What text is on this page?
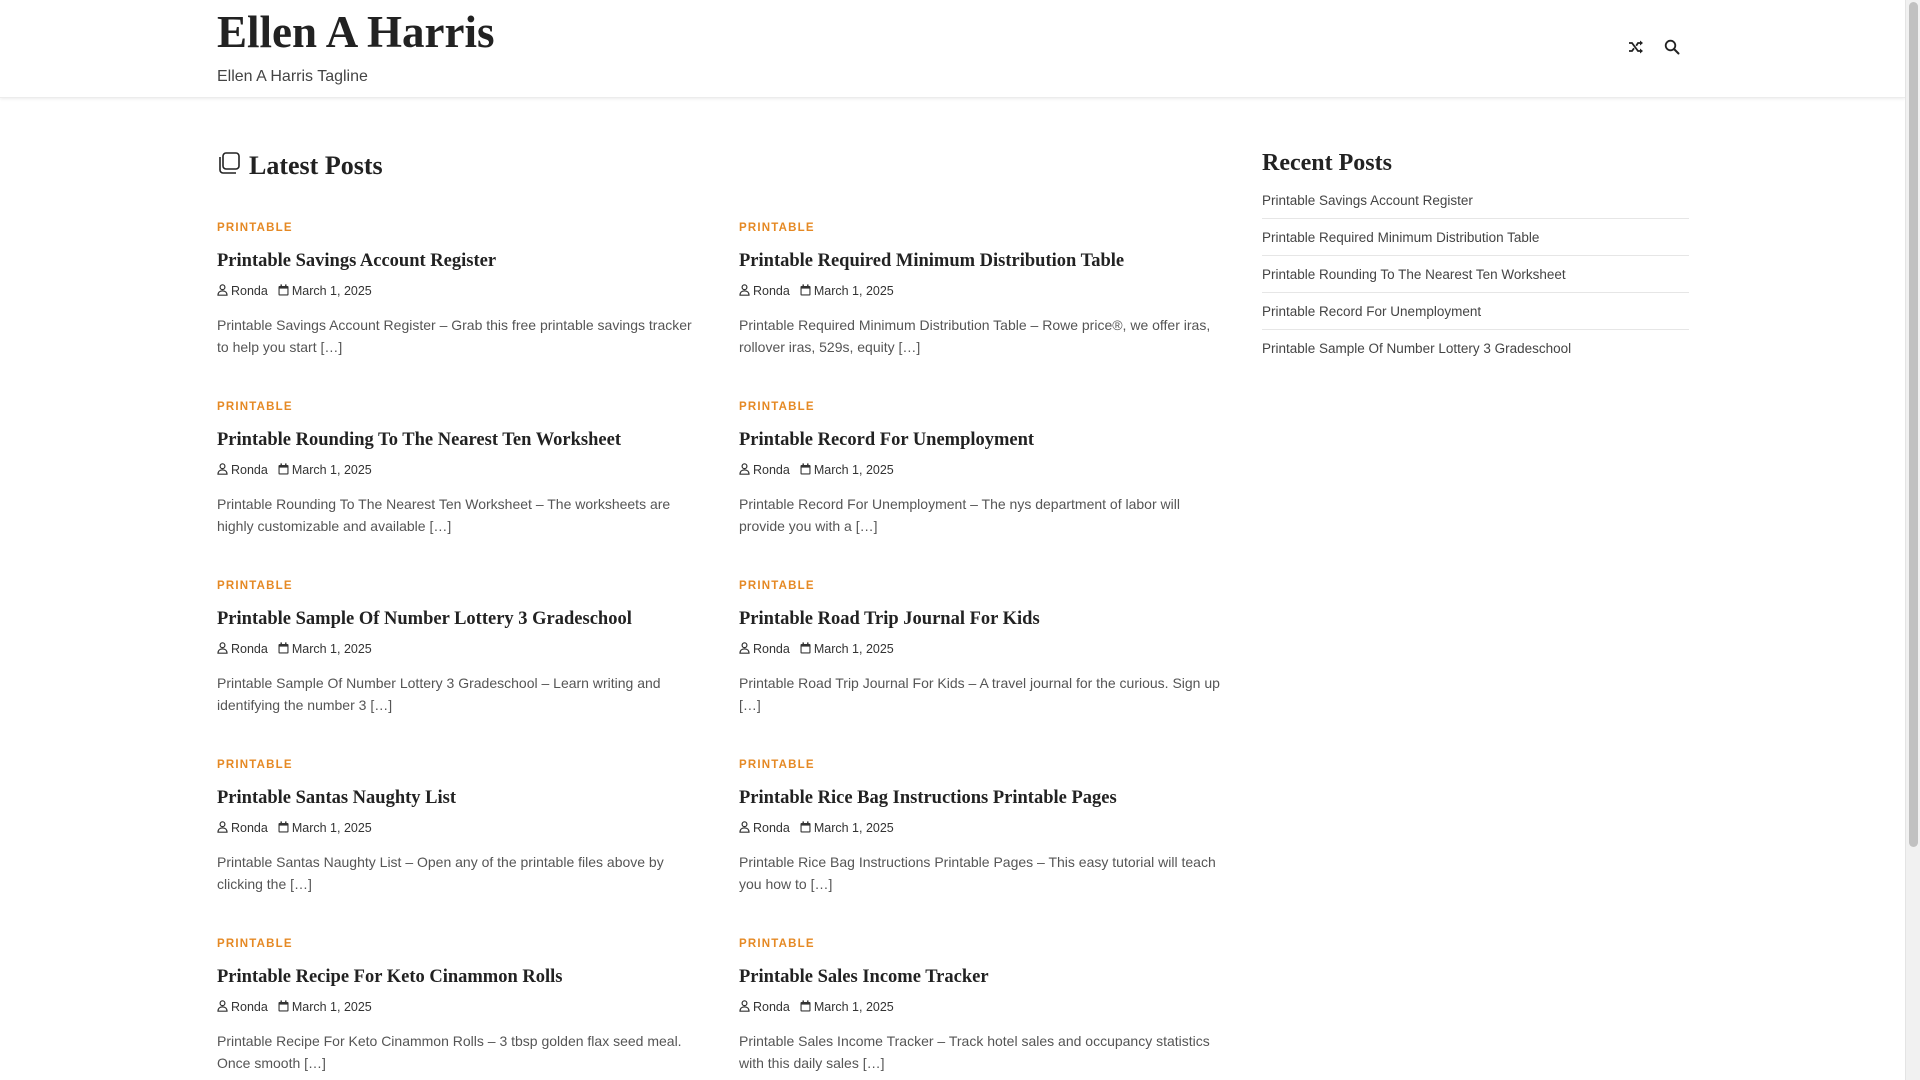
Ellen A Harris
Ellen A Harris Tagline
Latest Posts
PRINTABLE
Printable Savings Account Register
Ronda March 1, 2025

Printable Savings Account Register – Grab this free printable savings tracker to help you start […]

PRINTABLE
Printable Required Minimum Distribution Table
Ronda March 1, 2025

Printable Required Minimum Distribution Table – Rowe price®, we offer iras, rollover iras, 529s, equity […]

PRINTABLE
Printable Rounding To The Nearest Ten Worksheet
Ronda March 1, 2025

Printable Rounding To The Nearest Ten Worksheet – The worksheets are highly customizable and available […]

PRINTABLE
Printable Record For Unemployment
Ronda March 1, 2025

Printable Record For Unemployment – The nys department of labor will provide you with a […]

PRINTABLE
Printable Sample Of Number Lottery 3 Gradeschool
Ronda March 1, 2025

Printable Sample Of Number Lottery 3 Gradeschool – Learn writing and identifying the number 3 […]

PRINTABLE
Printable Road Trip Journal For Kids
Ronda March 1, 2025

Printable Road Trip Journal For Kids – A travel journal for the curious. Sign up […]

PRINTABLE
Printable Santas Naughty List
Ronda March 1, 2025

Printable Santas Naughty List – Open any of the printable files above by clicking the […]

PRINTABLE
Printable Rice Bag Instructions Printable Pages
Ronda March 1, 2025

Printable Rice Bag Instructions Printable Pages – This easy tutorial will teach you how to […]

PRINTABLE
Printable Recipe For Keto Cinammon Rolls
Ronda March 1, 2025

Printable Recipe For Keto Cinammon Rolls – 3 tbsp golden flax seed meal. Once smooth […]

PRINTABLE
Printable Sales Income Tracker
Ronda March 1, 2025

Printable Sales Income Tracker – Track hotel sales and occupancy statistics with this daily sales […]

Recent Posts
Printable Savings Account Register
Printable Required Minimum Distribution Table
Printable Rounding To The Nearest Ten Worksheet
Printable Record For Unemployment
Printable Sample Of Number Lottery 3 Gradeschool
